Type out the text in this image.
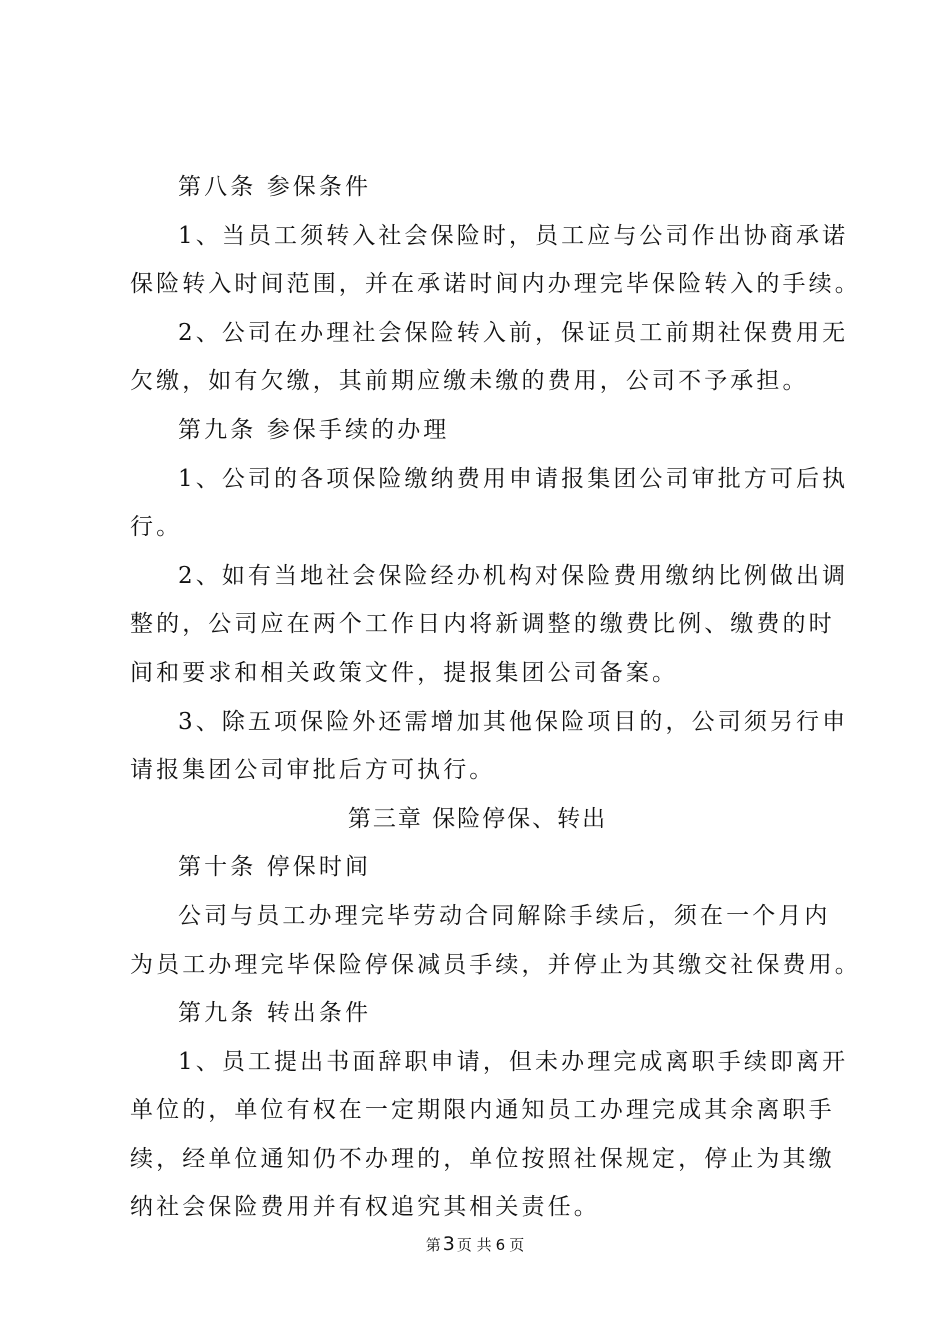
第八条 参保条件
1、当员工须转入社会保险时，员工应与公司作出协商承诺
保险转入时间范围，并在承诺时间内办理完毕保险转入的手续。
2、公司在办理社会保险转入前，保证员工前期社保费用无
欠缴，如有欠缴，其前期应缴未缴的费用，公司不予承担。
第九条 参保手续的办理
1、公司的各项保险缴纳费用申请报集团公司审批方可后执
行。
2、如有当地社会保险经办机构对保险费用缴纳比例做出调
整的，公司应在两个工作日内将新调整的缴费比例、缴费的时
间和要求和相关政策文件，提报集团公司备案。
3、除五项保险外还需增加其他保险项目的，公司须另行申
请报集团公司审批后方可执行。
第三章 保险停保、转出
第十条 停保时间
公司与员工办理完毕劳动合同解除手续后，须在一个月内
为员工办理完毕保险停保减员手续，并停止为其缴交社保费用。
第九条 转出条件
1、员工提出书面辞职申请，但未办理完成离职手续即离开
单位的，单位有权在一定期限内通知员工办理完成其余离职手
续，经单位通知仍不办理的，单位按照社保规定，停止为其缴
纳社会保险费用并有权追究其相关责任。
第 3 页 共 6 页
